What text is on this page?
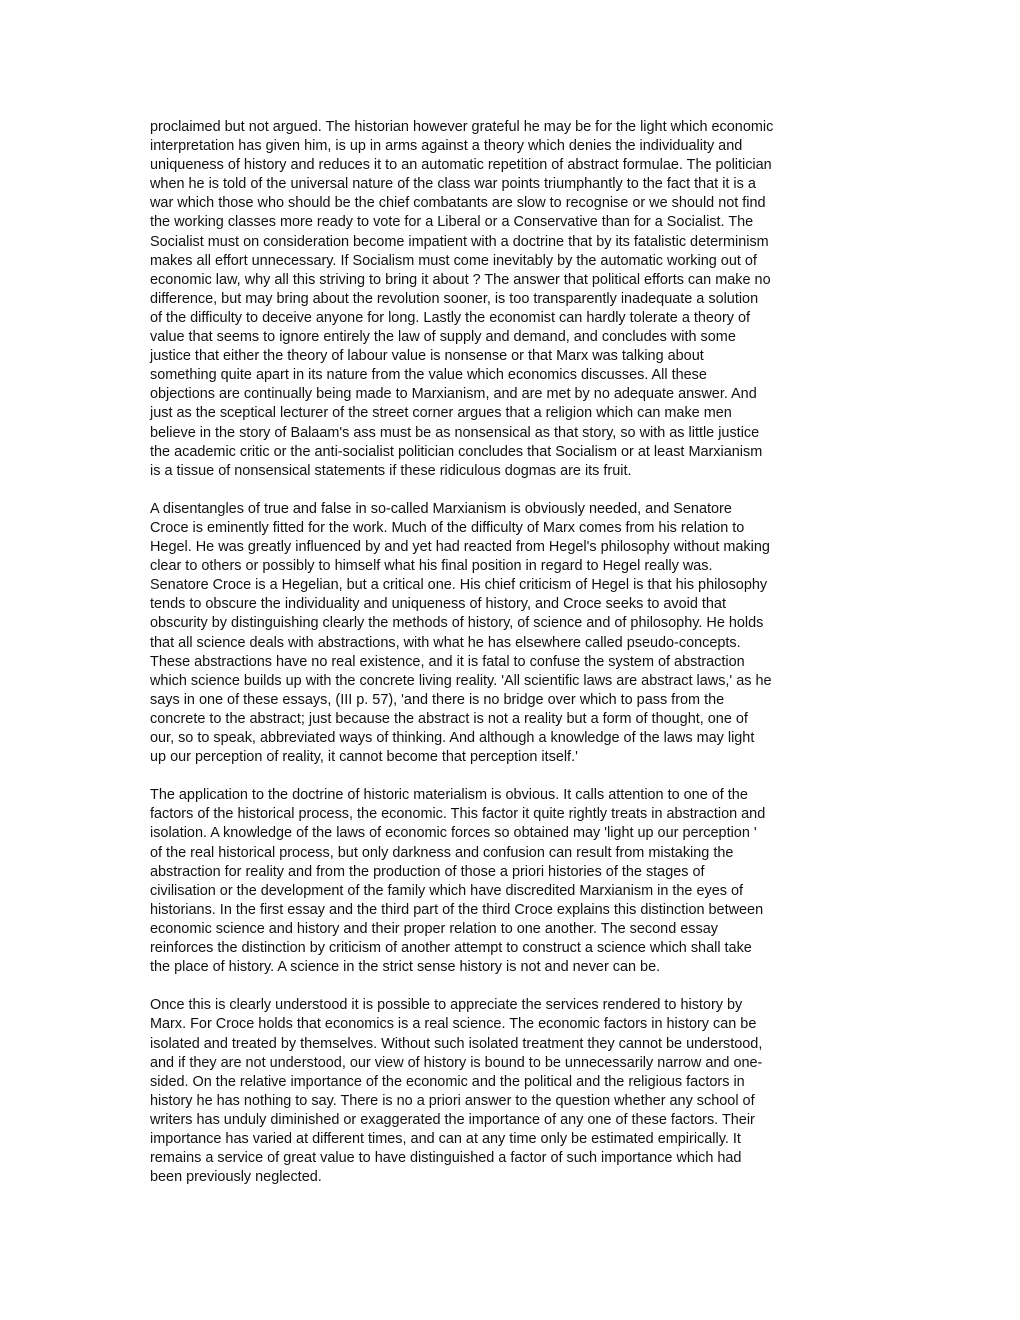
proclaimed but not argued. The historian however grateful he may be for the light which economic
interpretation has given him, is up in arms against a theory which denies the individuality and
uniqueness of history and reduces it to an automatic repetition of abstract formulae. The politician
when he is told of the universal nature of the class war points triumphantly to the fact that it is a
war which those who should be the chief combatants are slow to recognise or we should not find
the working classes more ready to vote for a Liberal or a Conservative than for a Socialist. The
Socialist must on consideration become impatient with a doctrine that by its fatalistic determinism
makes all effort unnecessary. If Socialism must come inevitably by the automatic working out of
economic law, why all this striving to bring it about ? The answer that political efforts can make no
difference, but may bring about the revolution sooner, is too transparently inadequate a solution
of the difficulty to deceive anyone for long. Lastly the economist can hardly tolerate a theory of
value that seems to ignore entirely the law of supply and demand, and concludes with some
justice that either the theory of labour value is nonsense or that Marx was talking about
something quite apart in its nature from the value which economics discusses. All these
objections are continually being made to Marxianism, and are met by no adequate answer. And
just as the sceptical lecturer of the street corner argues that a religion which can make men
believe in the story of Balaam's ass must be as nonsensical as that story, so with as little justice
the academic critic or the anti-socialist politician concludes that Socialism or at least Marxianism
is a tissue of nonsensical statements if these ridiculous dogmas are its fruit.
A disentangles of true and false in so-called Marxianism is obviously needed, and Senatore
Croce is eminently fitted for the work. Much of the difficulty of Marx comes from his relation to
Hegel. He was greatly influenced by and yet had reacted from Hegel's philosophy without making
clear to others or possibly to himself what his final position in regard to Hegel really was.
Senatore Croce is a Hegelian, but a critical one. His chief criticism of Hegel is that his philosophy
tends to obscure the individuality and uniqueness of history, and Croce seeks to avoid that
obscurity by distinguishing clearly the methods of history, of science and of philosophy. He holds
that all science deals with abstractions, with what he has elsewhere called pseudo-concepts.
These abstractions have no real existence, and it is fatal to confuse the system of abstraction
which science builds up with the concrete living reality. 'All scientific laws are abstract laws,' as he
says in one of these essays, (III p. 57), 'and there is no bridge over which to pass from the
concrete to the abstract; just because the abstract is not a reality but a form of thought, one of
our, so to speak, abbreviated ways of thinking. And although a knowledge of the laws may light
up our perception of reality, it cannot become that perception itself.'
The application to the doctrine of historic materialism is obvious. It calls attention to one of the
factors of the historical process, the economic. This factor it quite rightly treats in abstraction and
isolation. A knowledge of the laws of economic forces so obtained may 'light up our perception '
of the real historical process, but only darkness and confusion can result from mistaking the
abstraction for reality and from the production of those a priori histories of the stages of
civilisation or the development of the family which have discredited Marxianism in the eyes of
historians. In the first essay and the third part of the third Croce explains this distinction between
economic science and history and their proper relation to one another. The second essay
reinforces the distinction by criticism of another attempt to construct a science which shall take
the place of history. A science in the strict sense history is not and never can be.
Once this is clearly understood it is possible to appreciate the services rendered to history by
Marx. For Croce holds that economics is a real science. The economic factors in history can be
isolated and treated by themselves. Without such isolated treatment they cannot be understood,
and if they are not understood, our view of history is bound to be unnecessarily narrow and one-
sided. On the relative importance of the economic and the political and the religious factors in
history he has nothing to say. There is no a priori answer to the question whether any school of
writers has unduly diminished or exaggerated the importance of any one of these factors. Their
importance has varied at different times, and can at any time only be estimated empirically. It
remains a service of great value to have distinguished a factor of such importance which had
been previously neglected.
